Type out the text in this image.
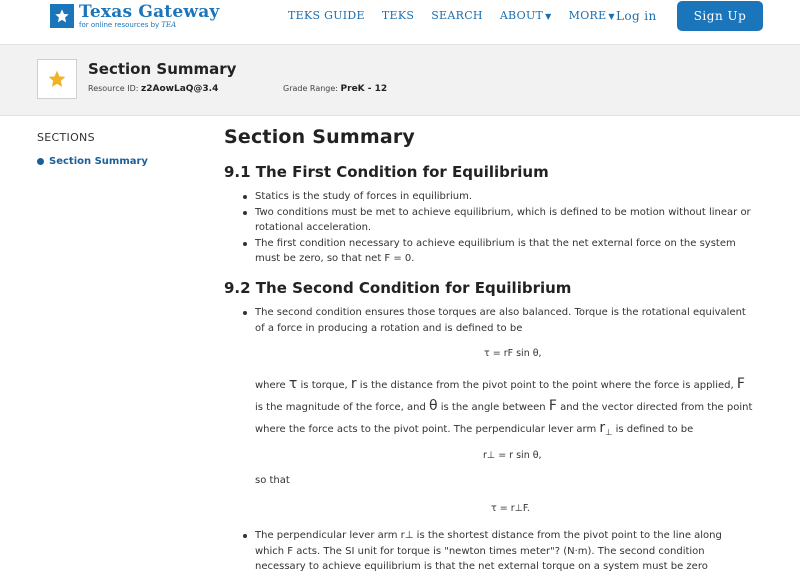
Texas Gateway
for online resources by TEA
TEKS GUIDE TEKS SEARCH ABOUT ▼ MORE ▼ Log in	Sign Up
Section Summary
Resource ID: z2AowLaQ@3.4	Grade Range: PreK - 12
SECTIONS
Section Summary
Section Summary
9.1 The First Condition for Equilibrium
Statics is the study of forces in equilibrium.
Two conditions must be met to achieve equilibrium, which is defined to be motion without linear or rotational acceleration.
The first condition necessary to achieve equilibrium is that the net external force on the system must be zero, so that net F = 0.
9.2 The Second Condition for Equilibrium
The second condition ensures those torques are also balanced. Torque is the rotational equivalent of a force in producing a rotation and is defined to be
τ = rF sin θ,
where τ is torque, r is the distance from the pivot point to the point where the force is applied, F is the magnitude of the force, and θ is the angle between F and the vector directed from the point where the force acts to the pivot point. The perpendicular lever arm $r_\perp$ is defined to be
r⊥ = r sin θ,
so that
τ = r⊥F.
The perpendicular lever arm r⊥ is the shortest distance from the pivot point to the line along which F acts. The SI unit for torque is "newton times meter"? (N·m). The second condition necessary to achieve equilibrium is that the net external torque on a system must be zero
